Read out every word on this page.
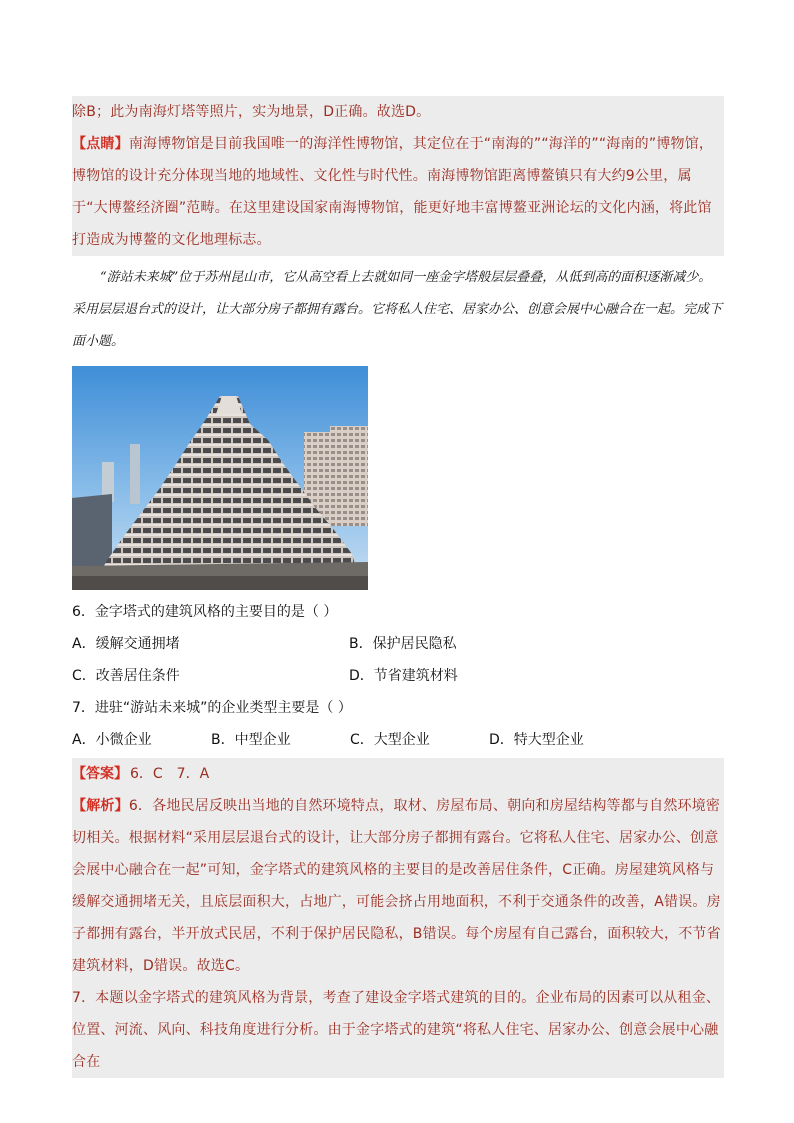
除B；此为南海灯塔等照片，实为地景，D正确。故选D。

【点睛】南海博物馆是目前我国唯一的海洋性博物馆，其定位在于“南海的”“海洋的”“海南的”博物馆，博物馆的设计充分体现当地的地域性、文化性与时代性。南海博物馆距离博鳌镇只有大约9公里，属于“大博鳌经济圈”范畴。在这里建设国家南海博物馆，能更好地丰富博鳌亚洲论坛的文化内涵，将此馆打造成为博鳌的文化地理标志。

“游站未来城”位于苏州昆山市，它从高空看上去就如同一座金字塔般层层叠叠，从低到高的面积逐渐减少。采用层层退台式的设计，让大部分房子都拥有露台。它将私人住宅、居家办公、创意会展中心融合在一起。完成下面小题。

6．金字塔式的建筑风格的主要目的是（ ）

A．缓解交通拥堵	B．保护居民隐私
C．改善居住条件	D．节省建筑材料

7．进驻“游站未来城”的企业类型主要是（ ）

A．小微企业	B．中型企业	C．大型企业	D．特大型企业
【答案】 6．C　7．A

【解析】6．各地民居反映出当地的自然环境特点，取材、房屋布局、朝向和房屋结构等都与自然环境密切相关。根据材料“采用层层退台式的设计，让大部分房子都拥有露台。它将私人住宅、居家办公、创意会展中心融合在一起”可知，金字塔式的建筑风格的主要目的是改善居住条件，C正确。房屋建筑风格与缓解交通拥堵无关，且底层面积大，占地广，可能会挤占用地面积，不利于交通条件的改善，A错误。房子都拥有露台，半开放式民居，不利于保护居民隐私，B错误。每个房屋有自己露台，面积较大，不节省建筑材料，D错误。故选C。

7．本题以金字塔式的建筑风格为背景，考查了建设金字塔式建筑的目的。企业布局的因素可以从租金、位置、河流、风向、科技角度进行分析。由于金字塔式的建筑“将私人住宅、居家办公、创意会展中心融合在
